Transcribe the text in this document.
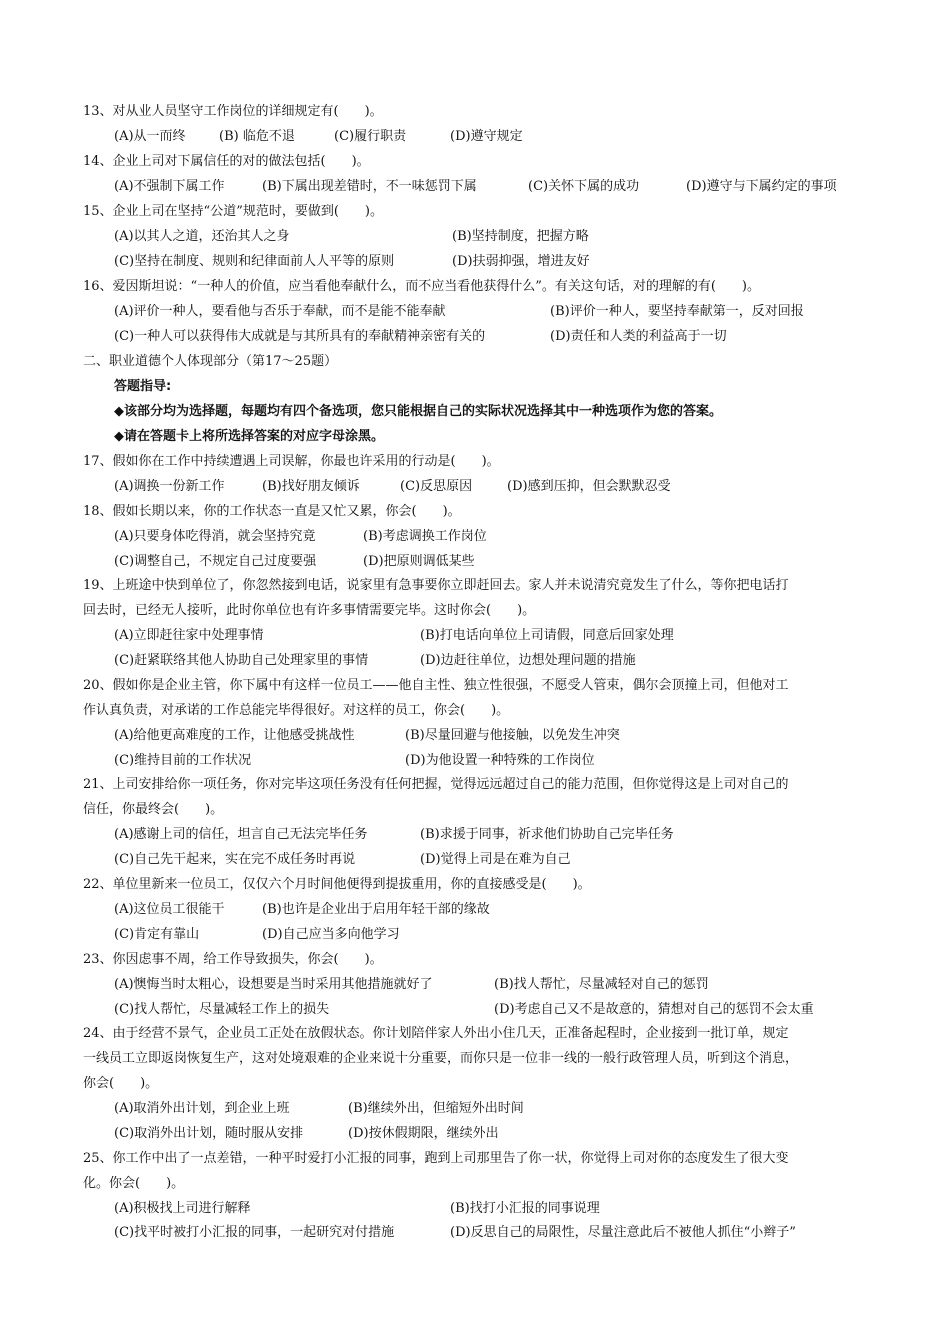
13、对从业人员坚守工作岗位的详细规定有(　　)。
(A)从一而终	(B) 临危不退	(C)履行职责	(D)遵守规定
14、企业上司对下属信任的对的做法包括(　　)。
(A)不强制下属工作	(B)下属出现差错时，不一味惩罚下属	(C)关怀下属的成功	(D)遵守与下属约定的事项
15、企业上司在坚持“公道”规范时，要做到(　　)。
(A)以其人之道，还治其人之身	(B)坚持制度，把握方略
(C)坚持在制度、规则和纪律面前人人平等的原则	(D)扶弱抑强，增进友好
16、爱因斯坦说：“一种人的价值，应当看他奉献什么，而不应当看他获得什么”。有关这句话，对的理解的有(　　)。
(A)评价一种人，要看他与否乐于奉献，而不是能不能奉献	(B)评价一种人，要坚持奉献第一，反对回报
(C)一种人可以获得伟大成就是与其所具有的奉献精神亲密有关的	(D)责任和人类的利益高于一切
二、职业道德个人体现部分（第17～25题）
答题指导:
◆该部分均为选择题，每题均有四个备选项，您只能根据自己的实际状况选择其中一种选项作为您的答案。
◆请在答题卡上将所选择答案的对应字母涂黑。
17、假如你在工作中持续遭遇上司误解，你最也许采用的行动是(　　)。
(A)调换一份新工作	(B)找好朋友倾诉	(C)反思原因	(D)感到压抑，但会默默忍受
18、假如长期以来，你的工作状态一直是又忙又累，你会(　　)。
(A)只要身体吃得消，就会坚持究竟	(B)考虑调换工作岗位
(C)调整自己，不规定自己过度要强	(D)把原则调低某些
19、上班途中快到单位了，你忽然接到电话，说家里有急事要你立即赶回去。家人并未说清究竟发生了什么，等你把电话打
回去时，已经无人接听，此时你单位也有许多事情需要完毕。这时你会(　　)。
(A)立即赶往家中处理事情	(B)打电话向单位上司请假，同意后回家处理
(C)赶紧联络其他人协助自己处理家里的事情	(D)边赶往单位，边想处理问题的措施
20、假如你是企业主管，你下属中有这样一位员工——他自主性、独立性很强，不愿受人管束，偶尔会顶撞上司，但他对工
作认真负责，对承诺的工作总能完毕得很好。对这样的员工，你会(　　)。
(A)给他更高难度的工作，让他感受挑战性	(B)尽量回避与他接触，以免发生冲突
(C)维持目前的工作状况	(D)为他设置一种特殊的工作岗位
21、上司安排给你一项任务，你对完毕这项任务没有任何把握，觉得远远超过自己的能力范围，但你觉得这是上司对自己的
信任，你最终会(　　)。
(A)感谢上司的信任，坦言自己无法完毕任务	(B)求援于同事，祈求他们协助自己完毕任务
(C)自己先干起来，实在完不成任务时再说	(D)觉得上司是在难为自己
22、单位里新来一位员工，仅仅六个月时间他便得到提拔重用，你的直接感受是(　　)。
(A)这位员工很能干	(B)也许是企业出于启用年轻干部的缘故
(C)肯定有靠山	(D)自己应当多向他学习
23、你因虑事不周，给工作导致损失，你会(　　)。
(A)懊悔当时太粗心，设想要是当时采用其他措施就好了	(B)找人帮忙，尽量减轻对自己的惩罚
(C)找人帮忙，尽量减轻工作上的损失	(D)考虑自己又不是故意的，猜想对自己的惩罚不会太重
24、由于经营不景气，企业员工正处在放假状态。你计划陪伴家人外出小住几天，正准备起程时，企业接到一批订单，规定
一线员工立即返岗恢复生产，这对处境艰难的企业来说十分重要，而你只是一位非一线的一般行政管理人员，听到这个消息，
你会(　　)。
(A)取消外出计划，到企业上班	(B)继续外出，但缩短外出时间
(C)取消外出计划，随时服从安排	(D)按休假期限，继续外出
25、你工作中出了一点差错，一种平时爱打小汇报的同事，跑到上司那里告了你一状，你觉得上司对你的态度发生了很大变
化。你会(　　)。
(A)积极找上司进行解释	(B)找打小汇报的同事说理
(C)找平时被打小汇报的同事，一起研究对付措施	(D)反思自己的局限性，尽量注意此后不被他人抓住“小辫子”
